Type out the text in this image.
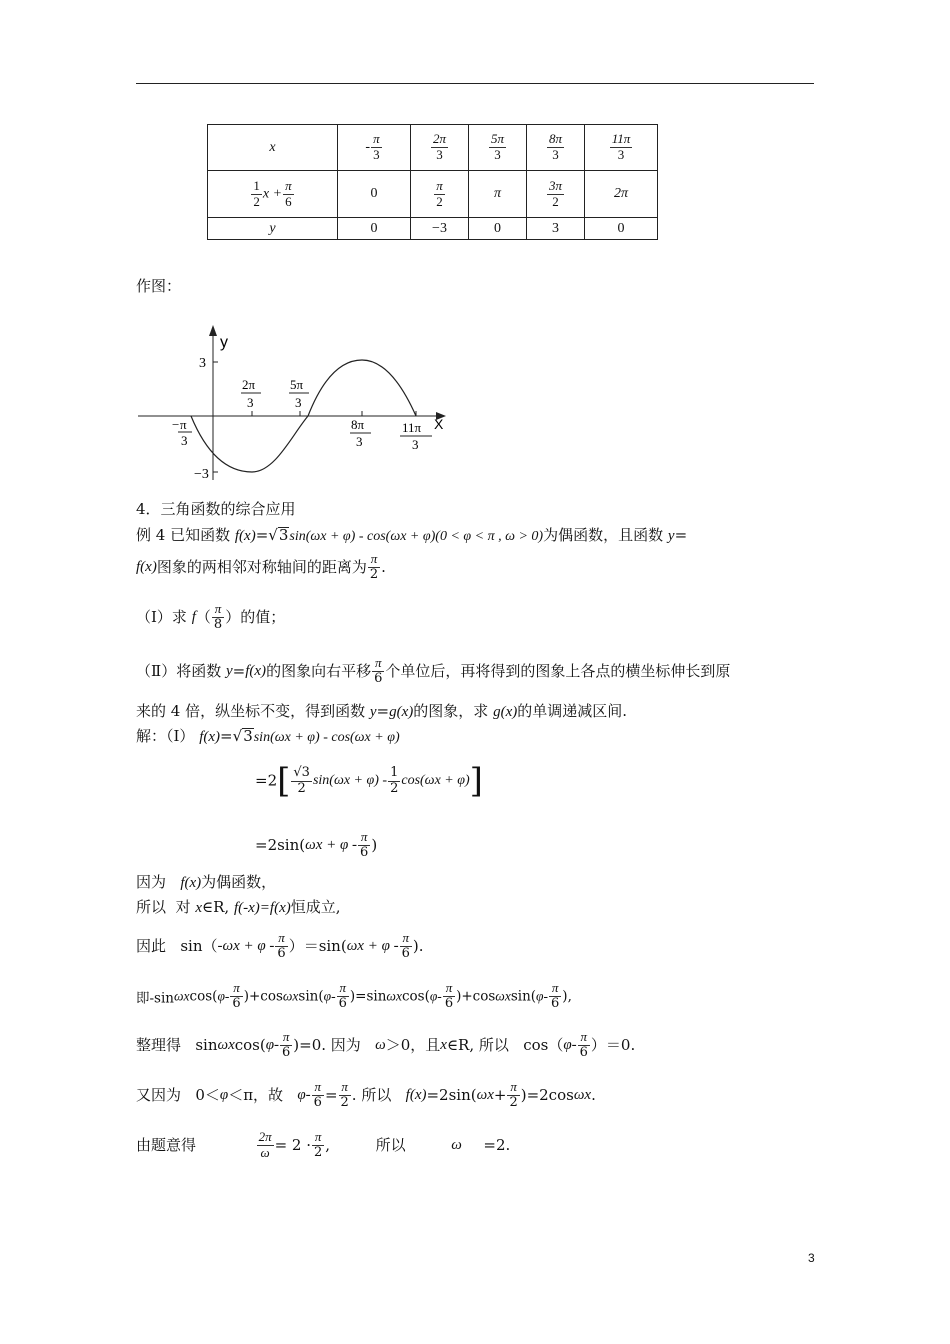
x	- $\frac{\pi}{3}$	$\frac{2\pi}{3}$	$\frac{5\pi}{3}$	$\frac{8\pi}{3}$	$\frac{11\pi}{3}$

$\frac{1}{2}$ $x + \frac{\pi}{6}$	0	$\frac{\pi}{2}$	π	$\frac{3\pi}{2}$	2π
y	0	−3	0	3	0
作图：
y
X
3
−3
− π
3
2π
3
5π
3
8π
3
11π
3
4．三角函数的综合应用
例 4 已知函数 f(x)=√3sin(ωx + φ) - cos(ωx + φ)(0 < φ < π , ω > 0)为偶函数，且函数 y=
f(x)图象的两相邻对称轴间的距离为 $\frac{\pi}{2}$ .
（Ⅰ）求 $f( \frac{\pi}{8}$ ）的值；
（Ⅱ）将函数 y=f(x)的图象向右平移 $\frac{\pi}{6}$ 个单位后，再将得到的图象上各点的横坐标伸长到原
来的 4 倍，纵坐标不变，得到函数 y=g(x)的图象，求 g(x)的单调递减区间.
解：（Ⅰ） f(x)=√3sin(ωx + φ) - cos(ωx + φ)
$=2[ \frac{√3}{2} \sin(\omega x + \varphi) - \frac{1}{2} \cos(\omega x + \varphi)]$
$=2\sin(\omega x + \varphi - \frac{\pi}{6}$ )
因为 f(x)为偶函数，
所以 对 x∈R, f(-x)=f(x)恒成立,
因此 $\sin(-\omega x + \varphi - \frac{\pi}{6} )=\sin(\omega x + \varphi - \frac{\pi}{6}$ ).
即$-\sin\omega xcos(\varphi- \frac{\pi}{6} )+\cos\omega xsin(\varphi- \frac{\pi}{6} )=\sin\omega xcos(\varphi- \frac{\pi}{6} )+\cos\omega xsin(\varphi- \frac{\pi}{6}$ ),
整理得 $\sin\omega xcos(\varphi- \frac{\pi}{6} )=0$. 因为 ω＞0，且x∈R, 所以 $\cos(\varphi- \frac{\pi}{6} )=0$.
又因为 0＜φ＜π，故 $\varphi- \frac{\pi}{6} = \frac{\pi}{2}$ . 所以 $f(x)=2\sin(\omega x+ \frac{\pi}{2} )=2\cos\omega x$.
由题意得	$\frac{2\pi}{\omega} = 2 \cdot \frac{\pi}{2}$ ,	所以	ω =2.
3
